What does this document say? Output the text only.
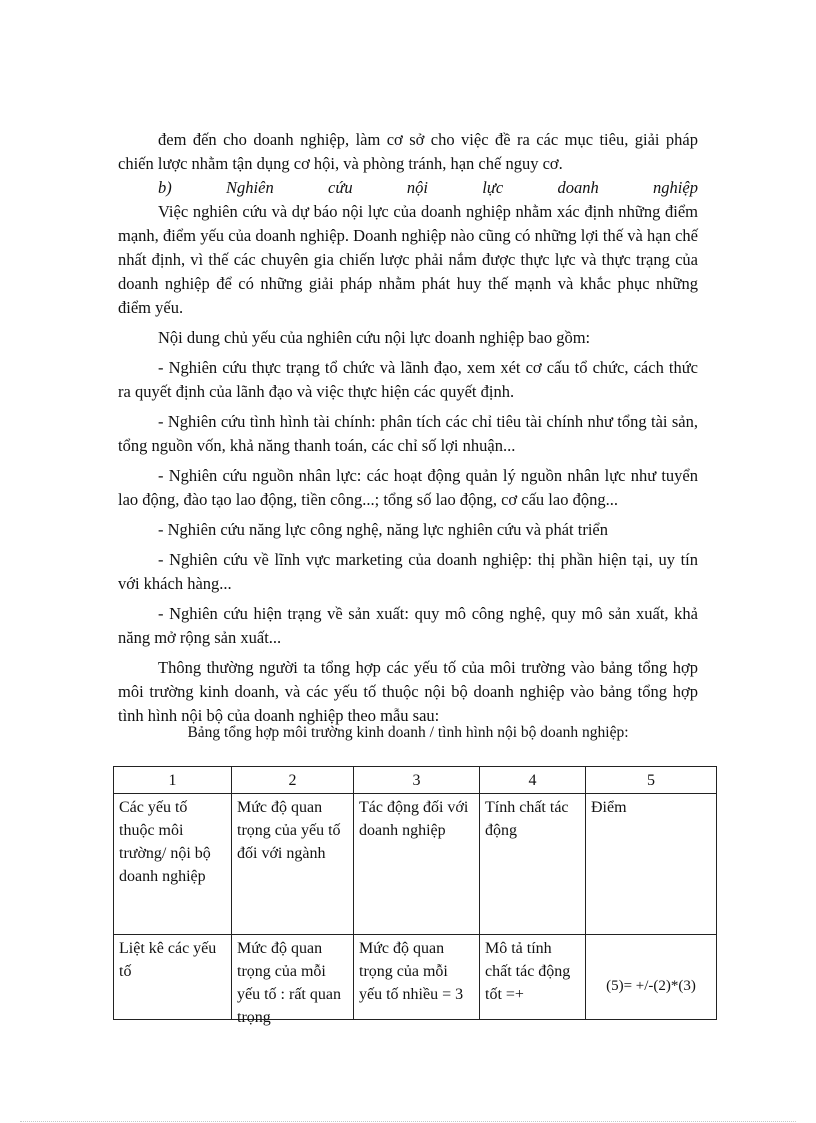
đem đến cho doanh nghiệp, làm cơ sở cho việc đề ra các mục tiêu, giải pháp chiến lược nhằm tận dụng cơ hội, và phòng tránh, hạn chế nguy cơ.

b)	Nghiên	cứu	nội	lực	doanh	nghiệp

Việc nghiên cứu và dự báo nội lực của doanh nghiệp nhằm xác định những điểm mạnh, điểm yếu của doanh nghiệp. Doanh nghiệp nào cũng có những lợi thế và hạn chế nhất định, vì thế các chuyên gia chiến lược phải nắm được thực lực và thực trạng của doanh nghiệp để có những giải pháp nhằm phát huy thế mạnh và khắc phục những điểm yếu.

Nội dung chủ yếu của nghiên cứu nội lực doanh nghiệp bao gồm:

- Nghiên cứu thực trạng tổ chức và lãnh đạo, xem xét cơ cấu tổ chức, cách thức ra quyết định của lãnh đạo và việc thực hiện các quyết định.

- Nghiên cứu tình hình tài chính: phân tích các chỉ tiêu tài chính như tổng tài sản, tổng nguồn vốn, khả năng thanh toán, các chỉ số lợi nhuận...

- Nghiên cứu nguồn nhân lực: các hoạt động quản lý nguồn nhân lực như tuyển lao động, đào tạo lao động, tiền công...; tổng số lao động, cơ cấu lao động...

- Nghiên cứu năng lực công nghệ, năng lực nghiên cứu và phát triển

- Nghiên cứu về lĩnh vực marketing của doanh nghiệp: thị phần hiện tại, uy tín với khách hàng...

- Nghiên cứu hiện trạng về sản xuất: quy mô công nghệ, quy mô sản xuất, khả năng mở rộng sản xuất...

Thông thường người ta tổng hợp các yếu tố của môi trường vào bảng tổng hợp môi trường kinh doanh, và các yếu tố thuộc nội bộ doanh nghiệp vào bảng tổng hợp tình hình nội bộ của doanh nghiệp theo mẫu sau:

Bảng tổng hợp môi trường kinh doanh / tình hình nội bộ doanh nghiệp:
1	2	3	4	5
Các yếu tố thuộc môi trường/ nội bộ doanh nghiệp	Mức độ quan trọng của yếu tố đối với ngành	Tác động đối với doanh nghiệp	Tính chất tác động	Điểm

Liệt kê các yếu tố	Mức độ quan trọng của mỗi yếu tố : rất quan trọng	Mức độ quan trọng của mỗi yếu tố nhiều = 3	Mô tả tính chất tác động tốt =+	(5)= +/-(2)*(3)
